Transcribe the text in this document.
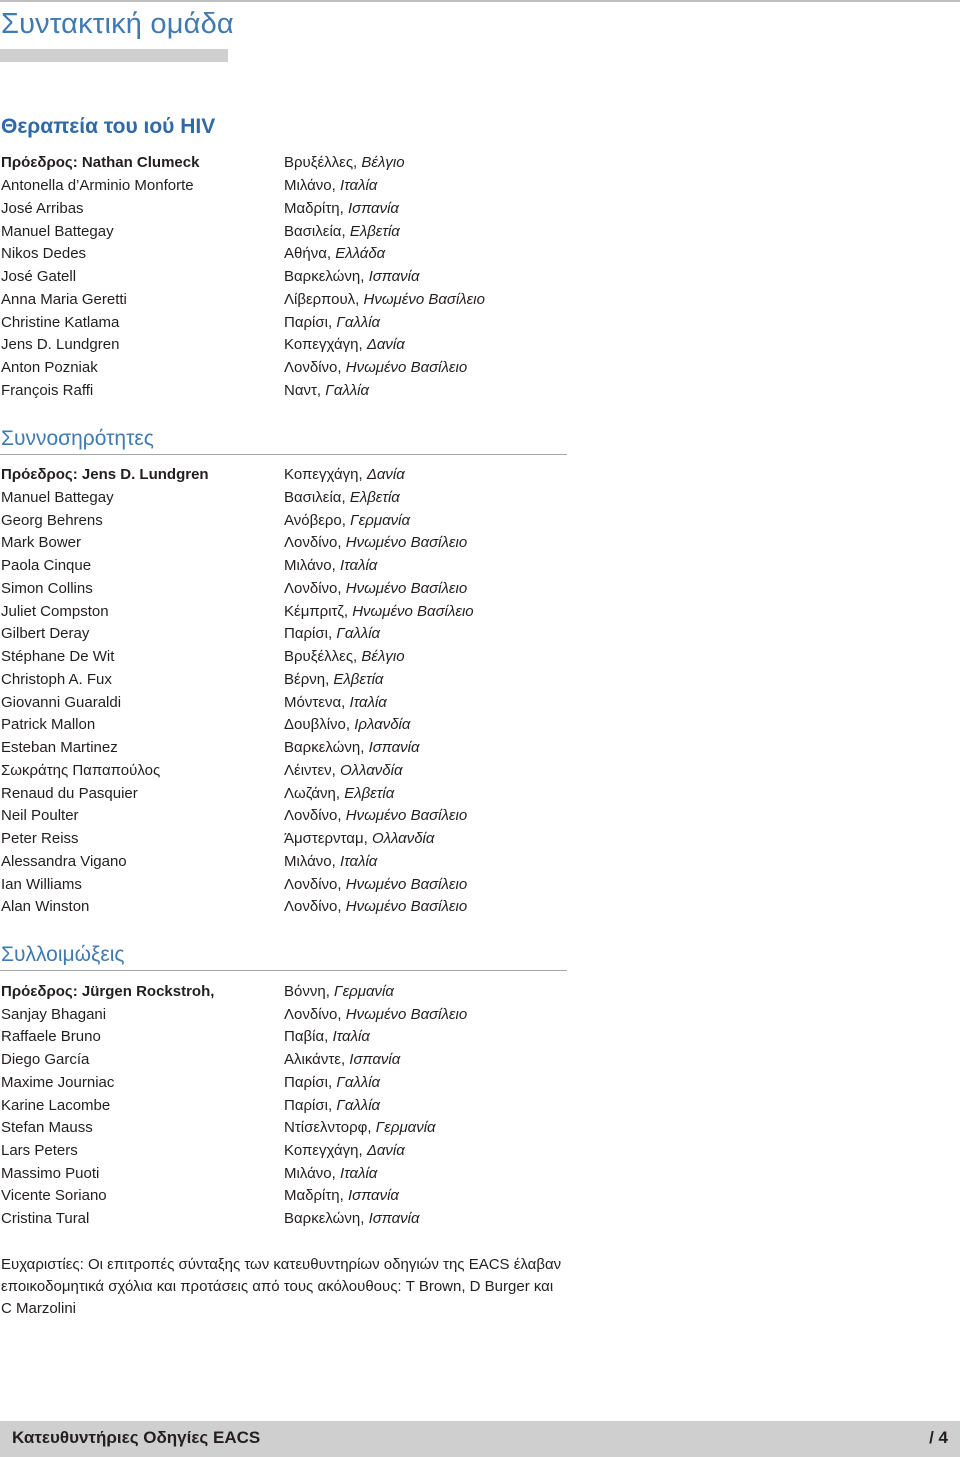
Συντακτική ομάδα
Θεραπεία του ιού HIV
Πρόεδρος: Nathan Clumeck	Βρυξέλλες, Βέλγιο
Antonella d’Arminio Monforte	Μιλάνο, Ιταλία
José Arribas	Μαδρίτη, Ισπανία
Manuel Battegay	Βασιλεία, Ελβετία
Nikos Dedes	Αθήνα, Ελλάδα
José Gatell	Βαρκελώνη, Ισπανία
Anna Maria Geretti	Λίβερπουλ, Ηνωμένο Βασίλειο
Christine Katlama	Παρίσι, Γαλλία
Jens D. Lundgren	Κοπεγχάγη, Δανία
Anton Pozniak	Λονδίνο, Ηνωμένο Βασίλειο
François Raffi	Ναντ, Γαλλία
Συννοσηρότητες
Πρόεδρος: Jens D. Lundgren	Κοπεγχάγη, Δανία
Manuel Battegay	Βασιλεία, Ελβετία
Georg Behrens	Ανόβερο, Γερμανία
Mark Bower	Λονδίνο, Ηνωμένο Βασίλειο
Paola Cinque	Μιλάνο, Ιταλία
Simon Collins	Λονδίνο, Ηνωμένο Βασίλειο
Juliet Compston	Κέμπριτζ, Ηνωμένο Βασίλειο
Gilbert Deray	Παρίσι, Γαλλία
Stéphane De Wit	Βρυξέλλες, Βέλγιο
Christoph A. Fux	Βέρνη, Ελβετία
Giovanni Guaraldi	Μόντενα, Ιταλία
Patrick Mallon	Δουβλίνο, Ιρλανδία
Esteban Martinez	Βαρκελώνη, Ισπανία
Σωκράτης Παπαπούλος	Λέιντεν, Ολλανδία
Renaud du Pasquier	Λωζάνη, Ελβετία
Neil Poulter	Λονδίνο, Ηνωμένο Βασίλειο
Peter Reiss	Άμστερνταμ, Ολλανδία
Alessandra Vigano	Μιλάνο, Ιταλία
Ian Williams	Λονδίνο, Ηνωμένο Βασίλειο
Alan Winston	Λονδίνο, Ηνωμένο Βασίλειο
Συλλοιμώξεις
Πρόεδρος: Jürgen Rockstroh,	Βόννη, Γερμανία
Sanjay Bhagani	Λονδίνο, Ηνωμένο Βασίλειο
Raffaele Bruno	Παβία, Ιταλία
Diego García	Αλικάντε, Ισπανία
Maxime Journiac	Παρίσι, Γαλλία
Karine Lacombe	Παρίσι, Γαλλία
Stefan Mauss	Ντίσελντορφ, Γερμανία
Lars Peters	Κοπεγχάγη, Δανία
Massimo Puoti	Μιλάνο, Ιταλία
Vicente Soriano	Μαδρίτη, Ισπανία
Cristina Tural	Βαρκελώνη, Ισπανία
Ευχαριστίες: Οι επιτροπές σύνταξης των κατευθυντηρίων οδηγιών της EACS έλαβαν
εποικοδομητικά σχόλια και προτάσεις από τους ακόλουθους: T Brown, D Burger και
C Marzolini
Κατευθυντήριες Οδηγίες EACS	/ 4
